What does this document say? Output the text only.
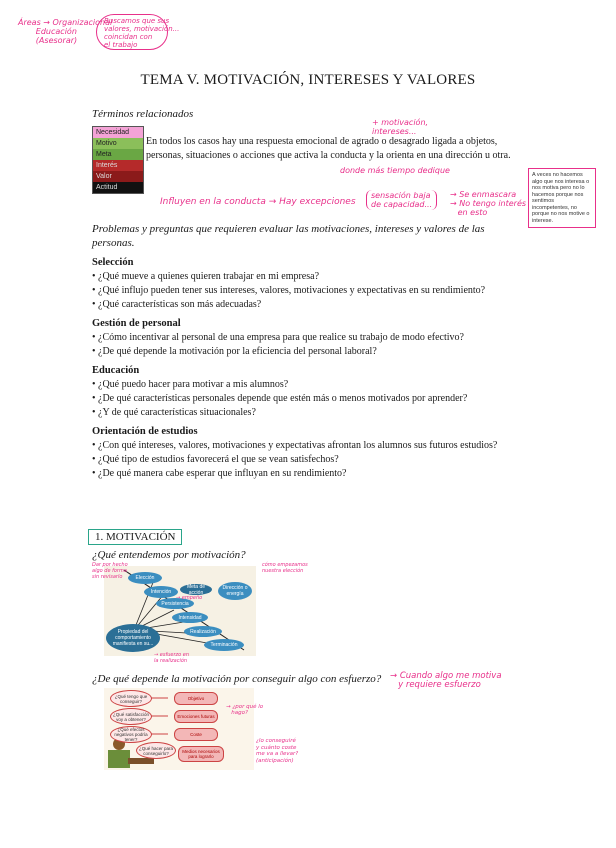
Áreas → Organizacional
Educación
(Asesorar)
Buscamos que sus
valores, motivación...
coincidan con
el trabajo
TEMA V. MOTIVACIÓN, INTERESES Y VALORES
Términos relacionados
Necesidad
Motivo
Meta
Interés
Valor
Actitud
En todos los casos hay una respuesta emocional de agrado o desagrado ligada a objetos, personas, situaciones o acciones que activa la conducta y la orienta en una dirección u otra.
+ motivación,
intereses...
donde más tiempo dedique
Influyen en la conducta → Hay excepciones
sensación baja
de capacidad...
→ Se enmascara
→ No tengo interés
en esto
A veces no hacemos algo que nos interesa o nos motiva pero no lo hacemos porque nos sentimos incompetentes, no porque no nos motive o interese.
Problemas y preguntas que requieren evaluar las motivaciones, intereses y valores de las personas.
Selección
• ¿Qué mueve a quienes quieren trabajar en mi empresa?
• ¿Qué influjo pueden tener sus intereses, valores, motivaciones y expectativas en su rendimiento?
• ¿Qué características son más adecuadas?
Gestión de personal
• ¿Cómo incentivar al personal de una empresa para que realice su trabajo de modo efectivo?
• ¿De qué depende la motivación por la eficiencia del personal laboral?
Educación
• ¿Qué puedo hacer para motivar a mis alumnos?
• ¿De qué características personales depende que estén más o menos motivados por aprender?
• ¿Y de qué características situacionales?
Orientación de estudios
• ¿Con qué intereses, valores, motivaciones y expectativas afrontan los alumnos sus futuros estudios?
• ¿Qué tipo de estudios favorecerá el que se vean satisfechos?
• ¿De qué manera cabe esperar que influyan en su rendimiento?
1. MOTIVACIÓN
¿Qué entendemos por motivación?
Elección
Intención
Persistencia
Intensidad
Realización
Terminación
Dirección o energía
Meta de acción
Propiedad del comportamiento manifiesta en su...
Dar por hecho
algo de forma
sin revisarlo
cómo empezamos
nuestra elección
→ empeño
→ esfuerzo en
la realización
¿De qué depende la motivación por conseguir algo con esfuerzo? → Cuando algo me motiva
y requiere esfuerzo
¿Qué tengo que conseguir?
¿Qué satisfacción voy a obtener?
¿Qué efectos negativos podría tener?
¿Qué hacer para conseguirlo?
Objetivo
Emociones futuras
Coste
Medios necesarios para lograrlo
→ ¿por qué lo
hago?
¿lo conseguiré
y cuánto coste
me va a llevar?
(anticipación)
